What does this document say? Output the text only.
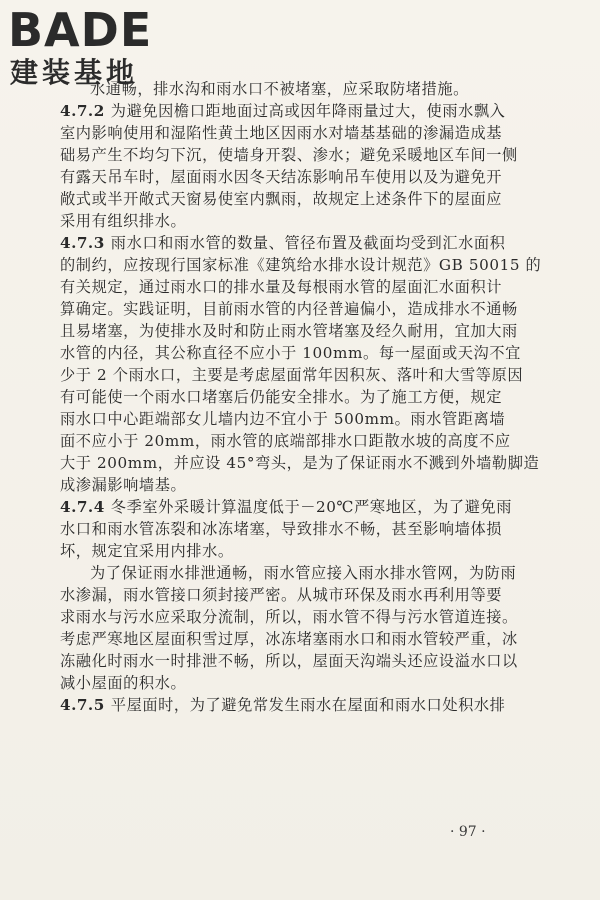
BADE
建装基地
水通畅，排水沟和雨水口不被堵塞，应采取防堵措施。
4.7.2 为避免因檐口距地面过高或因年降雨量过大，使雨水飘入
室内影响使用和湿陷性黄土地区因雨水对墙基基础的渗漏造成基
础易产生不均匀下沉，使墙身开裂、渗水；避免采暖地区车间一侧
有露天吊车时，屋面雨水因冬天结冻影响吊车使用以及为避免开
敞式或半开敞式天窗易使室内飘雨，故规定上述条件下的屋面应
采用有组织排水。
4.7.3 雨水口和雨水管的数量、管径布置及截面均受到汇水面积
的制约，应按现行国家标准《建筑给水排水设计规范》GB 50015 的
有关规定，通过雨水口的排水量及每根雨水管的屋面汇水面积计
算确定。实践证明，目前雨水管的内径普遍偏小，造成排水不通畅
且易堵塞，为使排水及时和防止雨水管堵塞及经久耐用，宜加大雨
水管的内径，其公称直径不应小于 100mm。每一屋面或天沟不宜
少于 2 个雨水口，主要是考虑屋面常年因积灰、落叶和大雪等原因
有可能使一个雨水口堵塞后仍能安全排水。为了施工方便，规定
雨水口中心距端部女儿墙内边不宜小于 500mm。雨水管距离墙
面不应小于 20mm，雨水管的底端部排水口距散水坡的高度不应
大于 200mm，并应设 45°弯头，是为了保证雨水不溅到外墙勒脚造
成渗漏影响墙基。
4.7.4 冬季室外采暖计算温度低于－20℃严寒地区，为了避免雨
水口和雨水管冻裂和冰冻堵塞，导致排水不畅，甚至影响墙体损
坏，规定宜采用内排水。
为了保证雨水排泄通畅，雨水管应接入雨水排水管网，为防雨
水渗漏，雨水管接口须封接严密。从城市环保及雨水再利用等要
求雨水与污水应采取分流制，所以，雨水管不得与污水管道连接。
考虑严寒地区屋面积雪过厚，冰冻堵塞雨水口和雨水管较严重，冰
冻融化时雨水一时排泄不畅，所以，屋面天沟端头还应设溢水口以
减小屋面的积水。
4.7.5 平屋面时，为了避免常发生雨水在屋面和雨水口处积水排
· 97 ·
